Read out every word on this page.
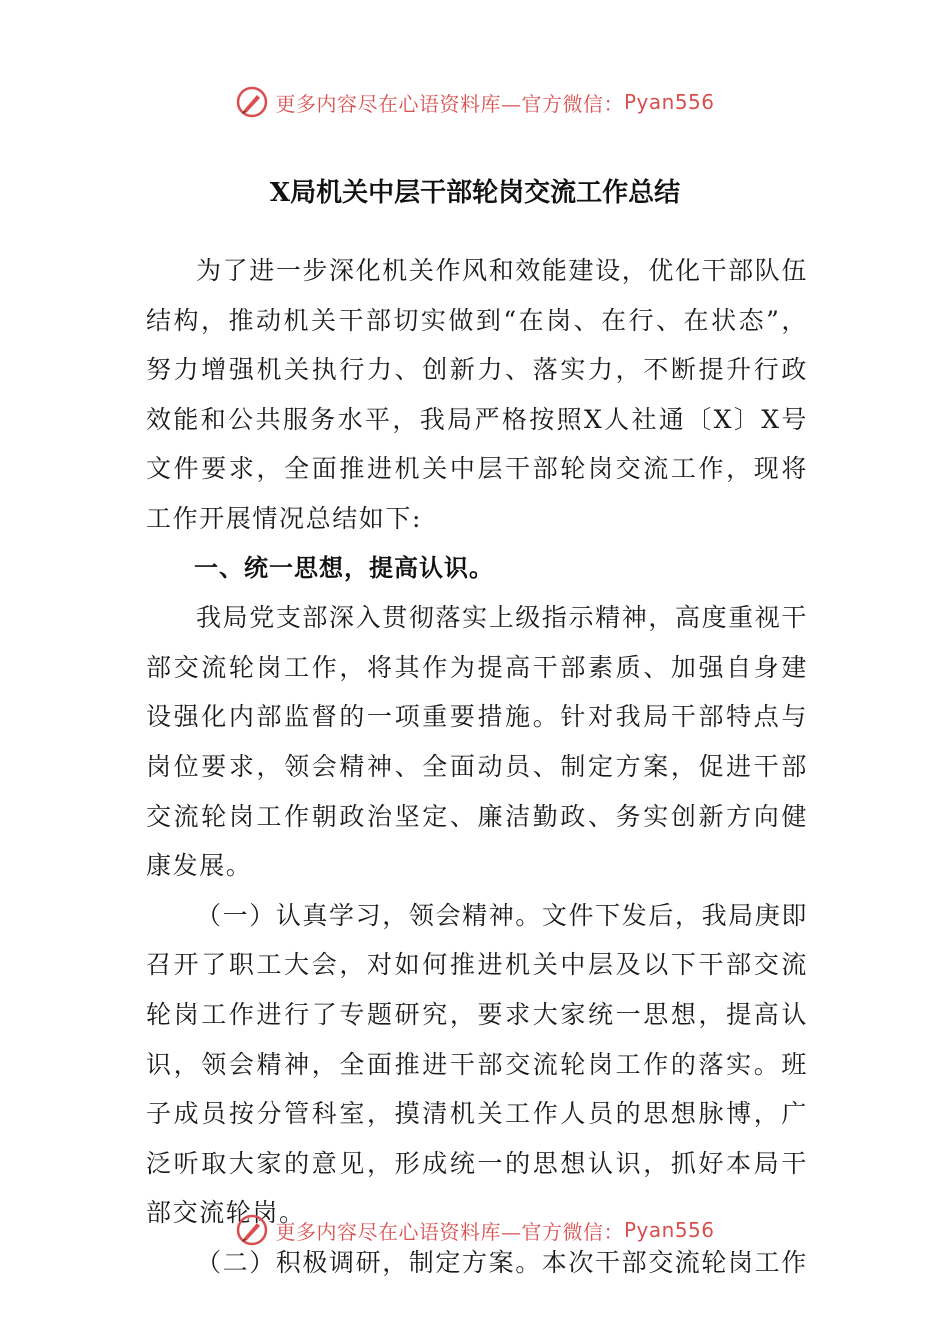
更多内容尽在心语资料库—官方微信： Pyan556
X局机关中层干部轮岗交流工作总结

为了进一步深化机关作风和效能建设，优化干部队伍结构，推动机关干部切实做到“在岗、在行、在状态”，努力增强机关执行力、创新力、落实力，不断提升行政效能和公共服务水平，我局严格按照X人社通〔X〕X号文件要求，全面推进机关中层干部轮岗交流工作，现将工作开展情况总结如下:

一、统一思想，提高认识。

我局党支部深入贯彻落实上级指示精神，高度重视干部交流轮岗工作，将其作为提高干部素质、加强自身建设强化内部监督的一项重要措施。针对我局干部特点与岗位要求，领会精神、全面动员、制定方案，促进干部交流轮岗工作朝政治坚定、廉洁勤政、务实创新方向健康发展。

（一）认真学习，领会精神。文件下发后，我局庚即召开了职工大会，对如何推进机关中层及以下干部交流轮岗工作进行了专题研究，要求大家统一思想，提高认识，领会精神，全面推进干部交流轮岗工作的落实。班子成员按分管科室，摸清机关工作人员的思想脉博，广泛听取大家的意见，形成统一的思想认识，抓好本局干部交流轮岗。

（二）积极调研，制定方案。本次干部交流轮岗工作

更多内容尽在心语资料库—官方微信： Pyan556
